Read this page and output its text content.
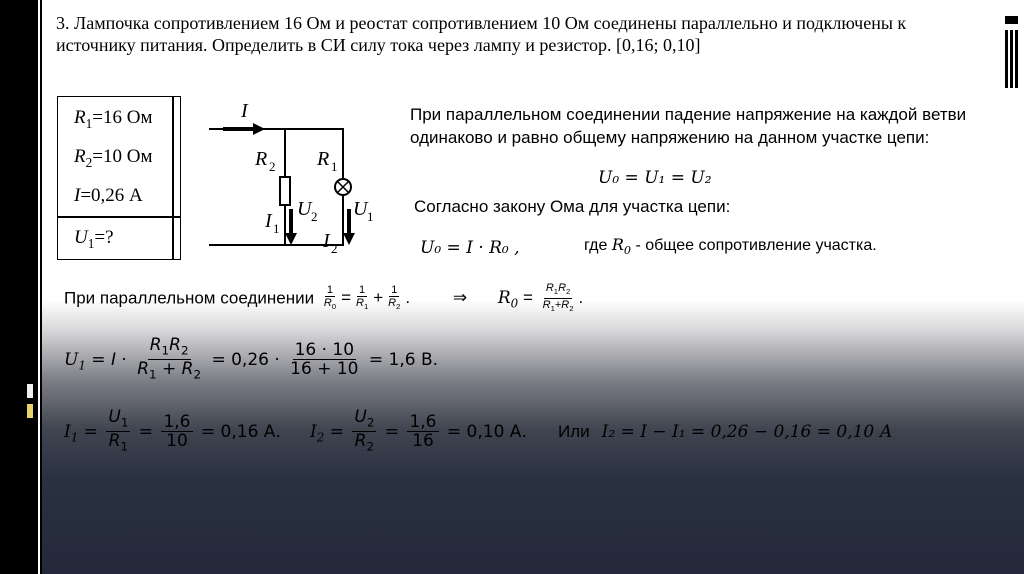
3. Лампочка сопротивлением 16 Ом и реостат сопротивлением 10 Ом соединены параллельно и подключены к источнику питания. Определить в СИ силу тока через лампу и резистор. [0,16; 0,10]
$R_1=16$ Ом
$R_2=10$ Ом
I=0,26 А
$U_1=$?
I
R R
U U
I
I
2	1
2	1
1
2
При параллельном соединении падение напряжение на каждой ветви
одинаково и равно общему напряжению на данном участке цепи:
U₀ = U₁ = U₂
Согласно закону Ома для участка цепи:
U₀ = I · R₀ ,	где $R_0$ - общее сопротивление участка.
При параллельном соединении $\frac{1}{R_0} = \frac{1}{R_1} + \frac{1}{R_2}$ . ⇒ $R_0 = \frac{R_1R_2}{R_1+R_2}$ .
$U_1 = I \cdot \frac{R_1R_2}{R_1 + R_2} = 0,26 \cdot \frac{16 \cdot 10}{16 + 10} = 1,6$ В.
$I_1 = \frac{U_1}{R_1} = \frac{1,6}{10} = 0,16$ А. $I_2 = \frac{U_2}{R_2} = \frac{1,6}{16} = 0,10$ А. Или I₂ = I − I₁ = 0,26 − 0,16 = 0,10 А
